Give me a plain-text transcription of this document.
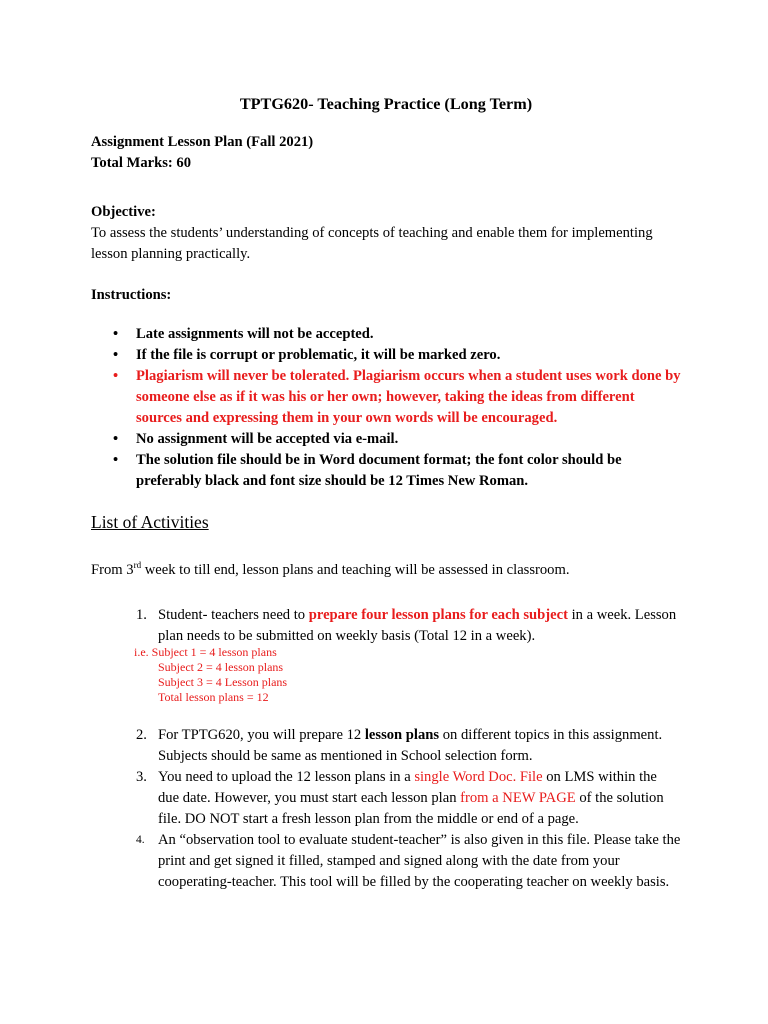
TPTG620- Teaching Practice (Long Term)
Assignment Lesson Plan (Fall 2021)
Total Marks: 60
Objective:
To assess the students’ understanding of concepts of teaching and enable them for implementing lesson planning practically.
Instructions:
• Late assignments will not be accepted.
• If the file is corrupt or problematic, it will be marked zero.
• Plagiarism will never be tolerated. Plagiarism occurs when a student uses work done by someone else as if it was his or her own; however, taking the ideas from different sources and expressing them in your own words will be encouraged.
• No assignment will be accepted via e-mail.
• The solution file should be in Word document format; the font color should be preferably black and font size should be 12 Times New Roman.
List of Activities
From 3rd week to till end, lesson plans and teaching will be assessed in classroom.
1. Student- teachers need to prepare four lesson plans for each subject in a week. Lesson plan needs to be submitted on weekly basis (Total 12 in a week).
i.e. Subject 1 = 4 lesson plans
Subject 2 = 4 lesson plans
Subject 3 = 4 Lesson plans
Total lesson plans = 12
2. For TPTG620, you will prepare 12 lesson plans on different topics in this assignment. Subjects should be same as mentioned in School selection form.
3. You need to upload the 12 lesson plans in a single Word Doc. File on LMS within the due date. However, you must start each lesson plan from a NEW PAGE of the solution file. DO NOT start a fresh lesson plan from the middle or end of a page.
4. An “observation tool to evaluate student-teacher” is also given in this file. Please take the print and get signed it filled, stamped and signed along with the date from your cooperating-teacher. This tool will be filled by the cooperating teacher on weekly basis.
